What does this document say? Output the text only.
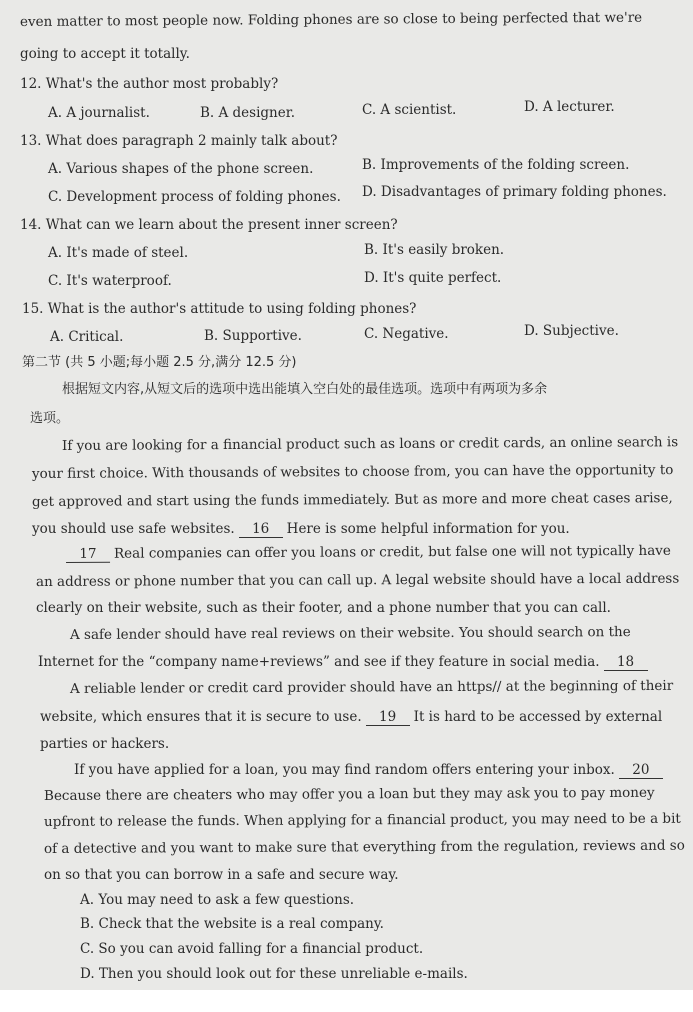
even matter to most people now. Folding phones are so close to being perfected that we're
going to accept it totally.
12. What's the author most probably?
A. A journalist.	B. A designer.	C. A scientist.	D. A lecturer.
13. What does paragraph 2 mainly talk about?
A. Various shapes of the phone screen.	B. Improvements of the folding screen.
C. Development process of folding phones. D. Disadvantages of primary folding phones.
14. What can we learn about the present inner screen?
A. It's made of steel.	B. It's easily broken.
C. It's waterproof.	D. It's quite perfect.
15. What is the author's attitude to using folding phones?
A. Critical.	B. Supportive.	C. Negative.	D. Subjective.
第二节 (共 5 小题;每小题 2.5 分,满分 12.5 分)
根据短文内容,从短文后的选项中选出能填入空白处的最佳选项。选项中有两项为多余
选项。
If you are looking for a financial product such as loans or credit cards, an online search is
your first choice. With thousands of websites to choose from, you can have the opportunity to
get approved and start using the funds immediately. But as more and more cheat cases arise,
you should use safe websites. 16 Here is some helpful information for you.
17 Real companies can offer you loans or credit, but false one will not typically have
an address or phone number that you can call up. A legal website should have a local address
clearly on their website, such as their footer, and a phone number that you can call.
A safe lender should have real reviews on their website. You should search on the
Internet for the “company name+reviews” and see if they feature in social media. 18
A reliable lender or credit card provider should have an https// at the beginning of their
website, which ensures that it is secure to use. 19 It is hard to be accessed by external
parties or hackers.
If you have applied for a loan, you may find random offers entering your inbox. 20
Because there are cheaters who may offer you a loan but they may ask you to pay money
upfront to release the funds. When applying for a financial product, you may need to be a bit
of a detective and you want to make sure that everything from the regulation, reviews and so
on so that you can borrow in a safe and secure way.
A. You may need to ask a few questions.
B. Check that the website is a real company.
C. So you can avoid falling for a financial product.
D. Then you should look out for these unreliable e-mails.
